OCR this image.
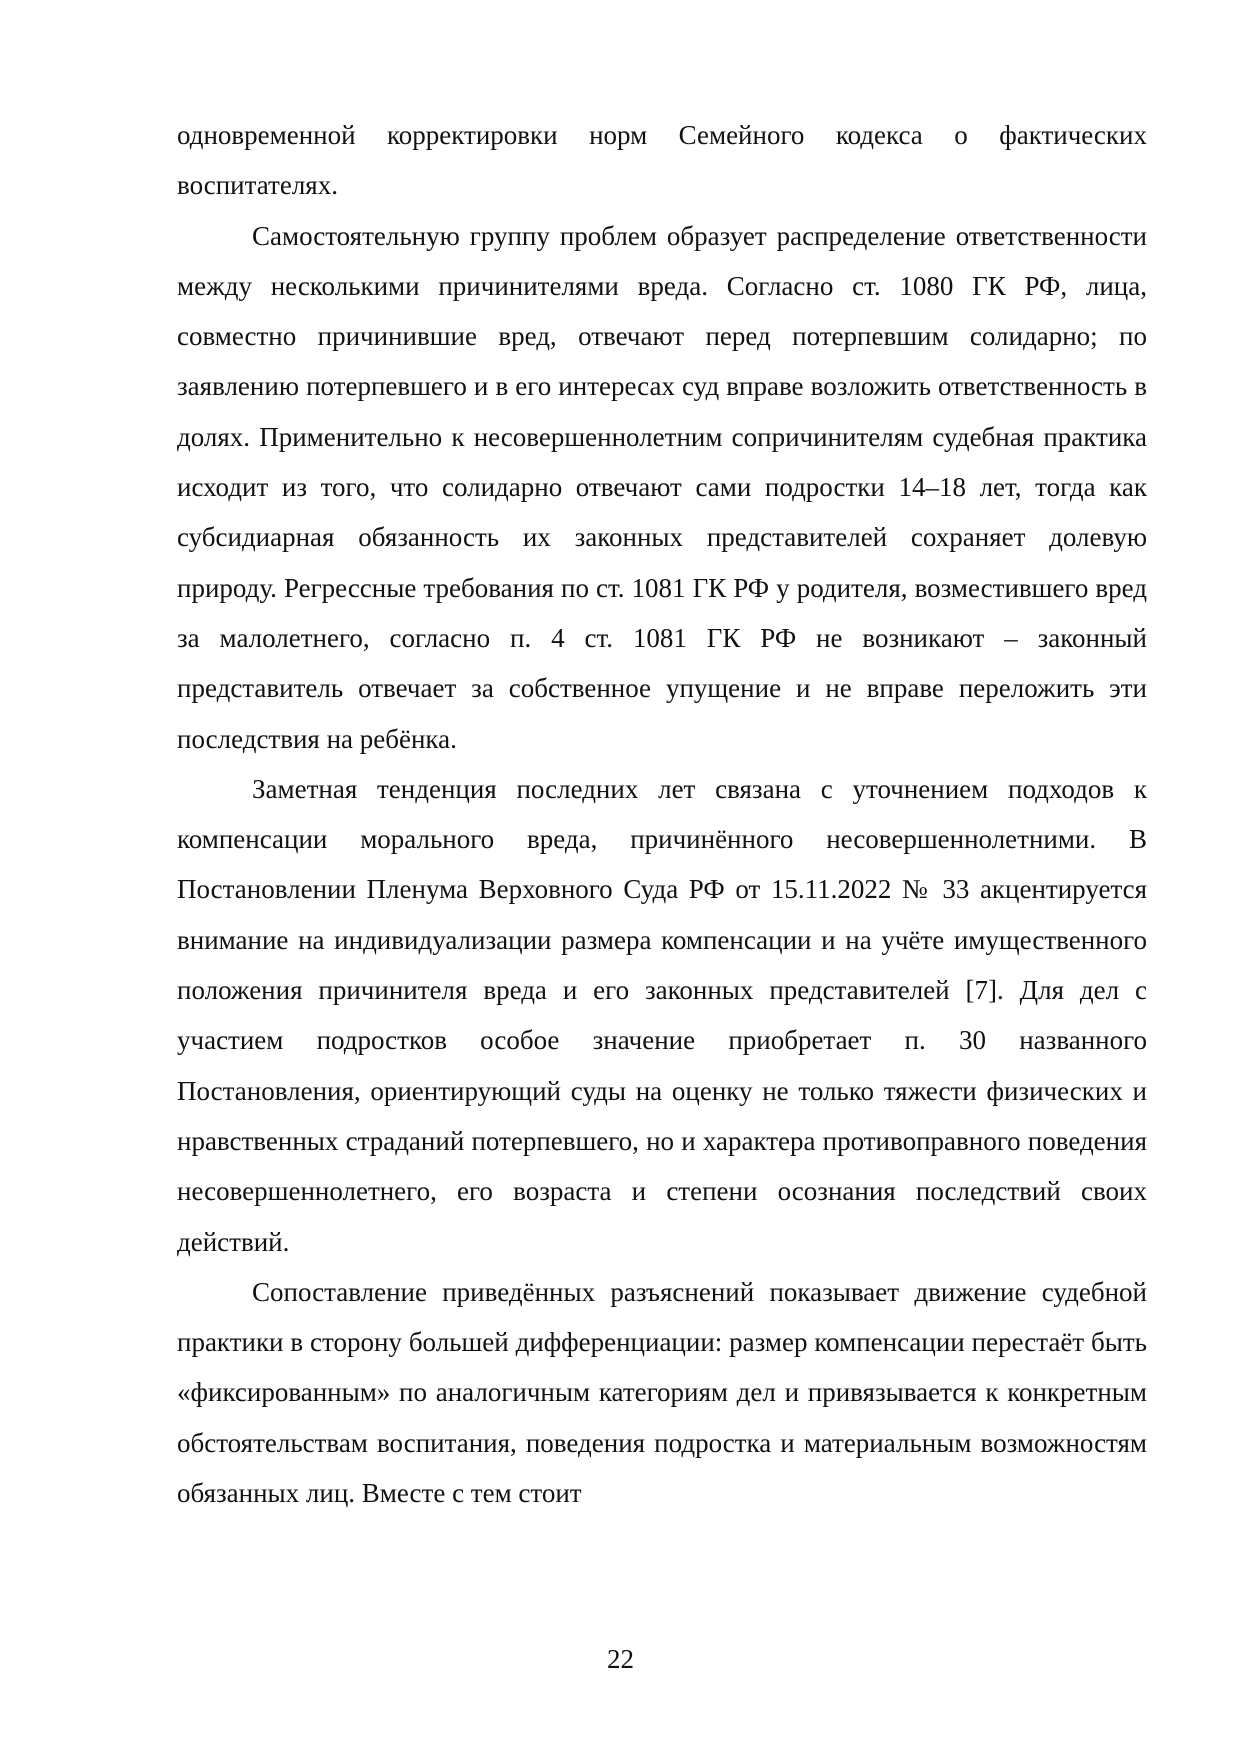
одновременной корректировки норм Семейного кодекса о фактических воспитателях.

Самостоятельную группу проблем образует распределение ответственности между несколькими причинителями вреда. Согласно ст. 1080 ГК РФ, лица, совместно причинившие вред, отвечают перед потерпевшим солидарно; по заявлению потерпевшего и в его интересах суд вправе возложить ответственность в долях. Применительно к несовершеннолетним сопричинителям судебная практика исходит из того, что солидарно отвечают сами подростки 14–18 лет, тогда как субсидиарная обязанность их законных представителей сохраняет долевую природу. Регрессные требования по ст. 1081 ГК РФ у родителя, возместившего вред за малолетнего, согласно п. 4 ст. 1081 ГК РФ не возникают – законный представитель отвечает за собственное упущение и не вправе переложить эти последствия на ребёнка.

Заметная тенденция последних лет связана с уточнением подходов к компенсации морального вреда, причинённого несовершеннолетними. В Постановлении Пленума Верховного Суда РФ от 15.11.2022 № 33 акцентируется внимание на индивидуализации размера компенсации и на учёте имущественного положения причинителя вреда и его законных представителей [7]. Для дел с участием подростков особое значение приобретает п. 30 названного Постановления, ориентирующий суды на оценку не только тяжести физических и нравственных страданий потерпевшего, но и характера противоправного поведения несовершеннолетнего, его возраста и степени осознания последствий своих действий.

Сопоставление приведённых разъяснений показывает движение судебной практики в сторону большей дифференциации: размер компенсации перестаёт быть «фиксированным» по аналогичным категориям дел и привязывается к конкретным обстоятельствам воспитания, поведения подростка и материальным возможностям обязанных лиц. Вместе с тем стоит

22
